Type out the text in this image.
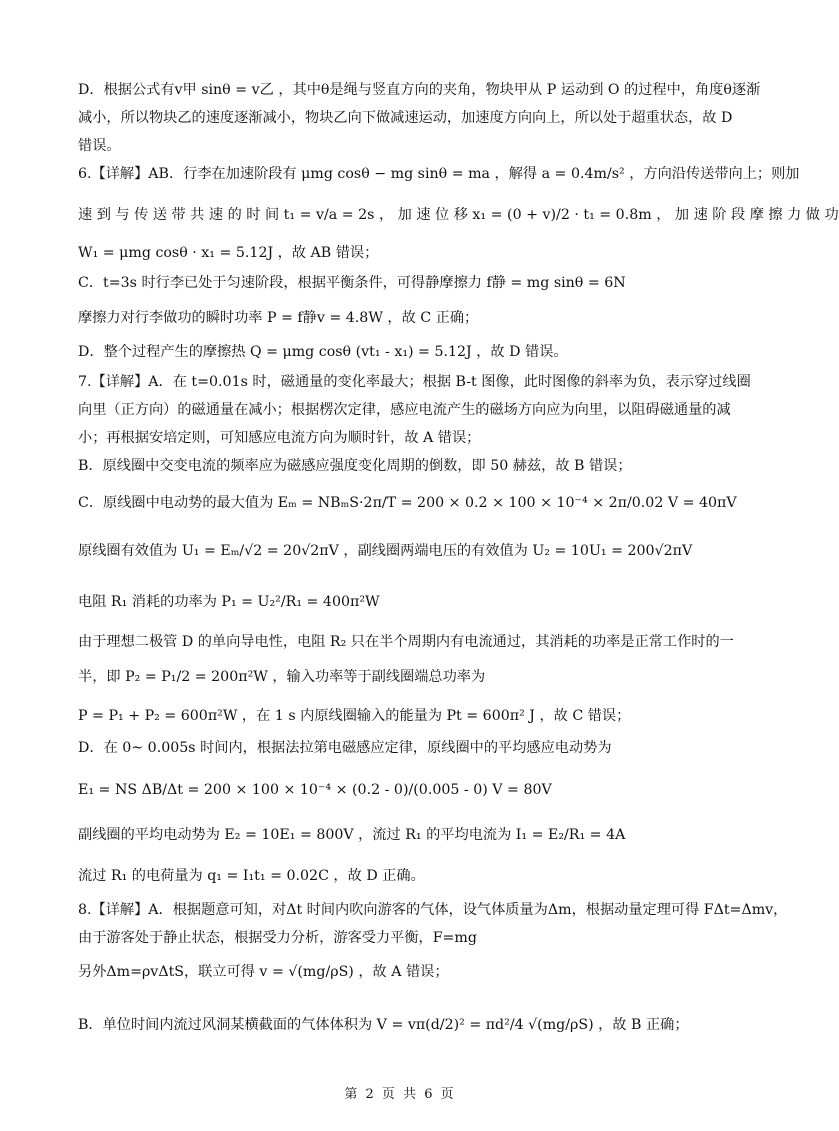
D．根据公式有v甲 sinθ = v乙 ，其中θ是绳与竖直方向的夹角，物块甲从 P 运动到 O 的过程中，角度θ逐渐
减小，所以物块乙的速度逐渐减小，物块乙向下做减速运动，加速度方向向上，所以处于超重状态，故 D
错误。
6.【详解】AB．行李在加速阶段有 μmg cosθ − mg sinθ = ma ，解得 a = 0.4m/s² ，方向沿传送带向上；则加
速 到 与 传 送 带 共 速 的 时 间 t₁ = v/a = 2s ， 加 速 位 移 x₁ = (0 + v)/2 · t₁ = 0.8m ， 加 速 阶 段 摩 擦 力 做 功
W₁ = μmg cosθ · x₁ = 5.12J ，故 AB 错误；
C．t=3s 时行李已处于匀速阶段，根据平衡条件，可得静摩擦力 f静 = mg sinθ = 6N
摩擦力对行李做功的瞬时功率 P = f静v = 4.8W ，故 C 正确；
D．整个过程产生的摩擦热 Q = μmg cosθ (vt₁ - x₁) = 5.12J ，故 D 错误。
7.【详解】A．在 t=0.01s 时，磁通量的变化率最大；根据 B-t 图像，此时图像的斜率为负，表示穿过线圈
向里（正方向）的磁通量在减小；根据楞次定律，感应电流产生的磁场方向应为向里，以阻碍磁通量的减
小；再根据安培定则，可知感应电流方向为顺时针，故 A 错误；
B．原线圈中交变电流的频率应为磁感应强度变化周期的倒数，即 50 赫兹，故 B 错误；
C．原线圈中电动势的最大值为 Eₘ = NBₘS·2π/T = 200 × 0.2 × 100 × 10⁻⁴ × 2π/0.02 V = 40πV
原线圈有效值为 U₁ = Eₘ/√2 = 20√2πV ，副线圈两端电压的有效值为 U₂ = 10U₁ = 200√2πV
电阻 R₁ 消耗的功率为 P₁ = U₂²/R₁ = 400π²W
由于理想二极管 D 的单向导电性，电阻 R₂ 只在半个周期内有电流通过，其消耗的功率是正常工作时的一
半，即 P₂ = P₁/2 = 200π²W ，输入功率等于副线圈端总功率为
P = P₁ + P₂ = 600π²W ，在 1 s 内原线圈输入的能量为 Pt = 600π² J ，故 C 错误；
D．在 0~ 0.005s 时间内，根据法拉第电磁感应定律，原线圈中的平均感应电动势为
E₁ = NS ΔB/Δt = 200 × 100 × 10⁻⁴ × (0.2 - 0)/(0.005 - 0) V = 80V
副线圈的平均电动势为 E₂ = 10E₁ = 800V ，流过 R₁ 的平均电流为 I₁ = E₂/R₁ = 4A
流过 R₁ 的电荷量为 q₁ = I₁t₁ = 0.02C ，故 D 正确。
8.【详解】A．根据题意可知，对Δt 时间内吹向游客的气体，设气体质量为Δm，根据动量定理可得 FΔt=Δmv，
由于游客处于静止状态，根据受力分析，游客受力平衡，F=mg
另外Δm=ρvΔtS，联立可得 v = √(mg/ρS) ，故 A 错误；
B．单位时间内流过风洞某横截面的气体体积为 V = vπ(d/2)² = πd²/4 √(mg/ρS) ，故 B 正确；
第 2 页 共 6 页
